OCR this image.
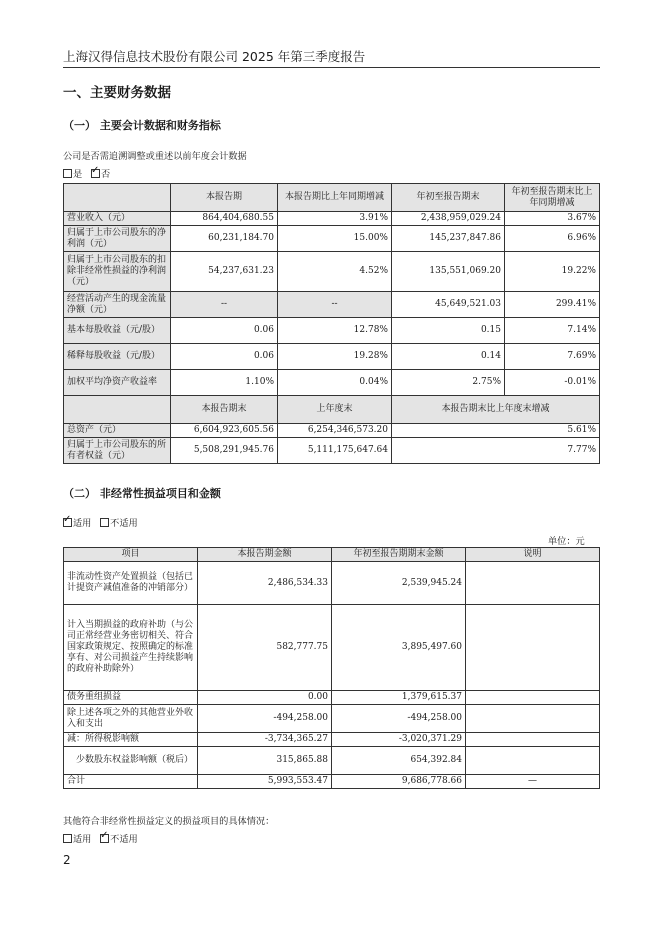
上海汉得信息技术股份有限公司 2025 年第三季度报告
一、主要财务数据
（一） 主要会计数据和财务指标
公司是否需追溯调整或重述以前年度会计数据
是 ✓ 否
	本报告期	本报告期比上年同期增减	年初至报告期末	年初至报告期末比上年同期增减
营业收入（元）	864,404,680.55	3.91%	2,438,959,029.24	3.67%
归属于上市公司股东的净利润（元）	60,231,184.70	15.00%	145,237,847.86	6.96%
归属于上市公司股东的扣除非经常性损益的净利润（元）	54,237,631.23	4.52%	135,551,069.20	19.22%
经营活动产生的现金流量净额（元）	--	--	45,649,521.03	299.41%
基本每股收益（元/股）	0.06	12.78%	0.15	7.14%
稀释每股收益（元/股）	0.06	19.28%	0.14	7.69%
加权平均净资产收益率	1.10%	0.04%	2.75%	-0.01%
	本报告期末	上年度末	本报告期末比上年度末增减	
总资产（元）	6,604,923,605.56	6,254,346,573.20	5.61%	
归属于上市公司股东的所有者权益（元）	5,508,291,945.76	5,111,175,647.64	7.77%	
（二） 非经常性损益项目和金额
✓适用 不适用
单位：元
项目	本报告期金额	年初至报告期期末金额	说明
非流动性资产处置损益（包括已计提资产减值准备的冲销部分）	2,486,534.33	2,539,945.24	
计入当期损益的政府补助（与公司正常经营业务密切相关、符合国家政策规定、按照确定的标准享有、对公司损益产生持续影响的政府补助除外）	582,777.75	3,895,497.60	
债务重组损益	0.00	1,379,615.37	
除上述各项之外的其他营业外收入和支出	-494,258.00	-494,258.00	
减：所得税影响额	-3,734,365.27	-3,020,371.29	
少数股东权益影响额（税后）	315,865.88	654,392.84	
合计	5,993,553.47	9,686,778.66	—
其他符合非经常性损益定义的损益项目的具体情况：
适用 ✓ 不适用
2
